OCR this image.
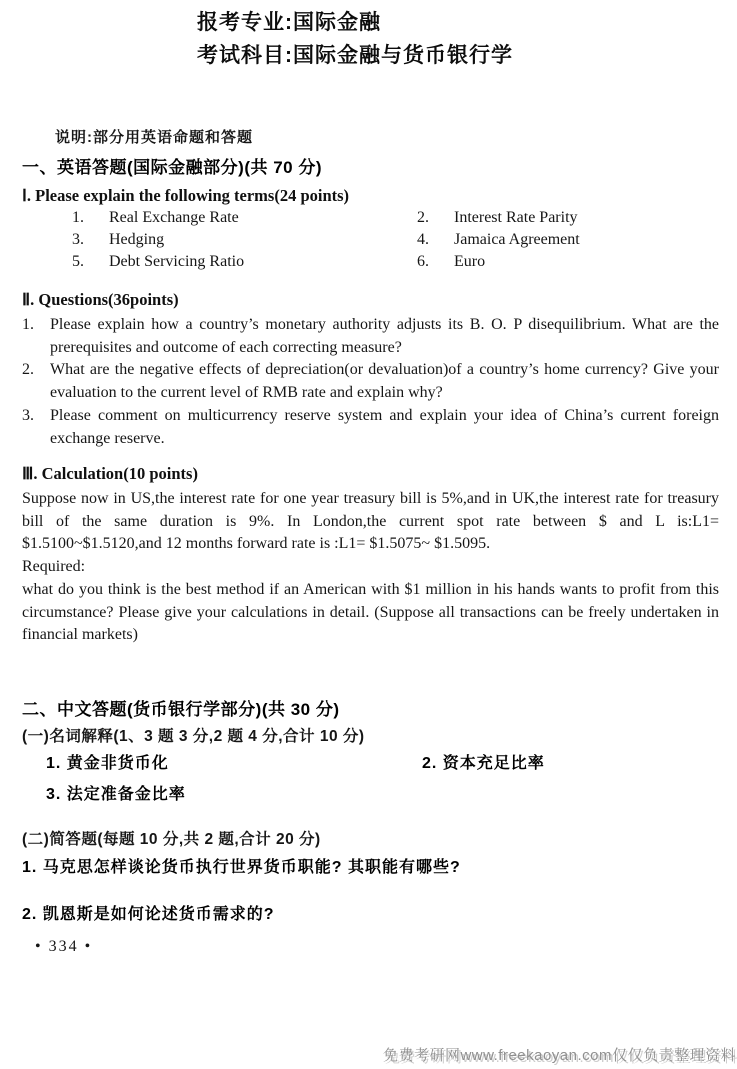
报考专业:国际金融
考试科目:国际金融与货币银行学
说明:部分用英语命题和答题
一、英语答题(国际金融部分)(共 70 分)
Ⅰ. Please explain the following terms(24 points)
1.	Real Exchange Rate	2.	Interest Rate Parity
3.	Hedging	4.	Jamaica Agreement
5.	Debt Servicing Ratio	6.	Euro
Ⅱ. Questions(36points)
1.	Please explain how a country’s monetary authority adjusts its B. O. P disequilibrium. What are the prerequisites and outcome of each correcting measure?
2.	What are the negative effects of depreciation(or devaluation)of a country’s home currency? Give your evaluation to the current level of RMB rate and explain why?
3.	Please comment on multicurrency reserve system and explain your idea of China’s current foreign exchange reserve.
Ⅲ. Calculation(10 points)

Suppose now in US,the interest rate for one year treasury bill is 5%,and in UK,the interest rate for treasury bill of the same duration is 9%. In London,the current spot rate between $ and L is:L1= $1.5100~$1.5120,and 12 months forward rate is :L1= $1.5075~ $1.5095.

Required:

what do you think is the best method if an American with $1 million in his hands wants to profit from this circumstance? Please give your calculations in detail. (Suppose all transactions can be freely undertaken in financial markets)

二、中文答题(货币银行学部分)(共 30 分)
(一)名词解释(1、3 题 3 分,2 题 4 分,合计 10 分)
1. 黄金非货币化	2. 资本充足比率
3. 法定准备金比率
(二)简答题(每题 10 分,共 2 题,合计 20 分)
1. 马克思怎样谈论货币执行世界货币职能? 其职能有哪些?
2. 凯恩斯是如何论述货币需求的?
• 334 •
免费考研网www.freekaoyan.com仅仅负责整理资料
